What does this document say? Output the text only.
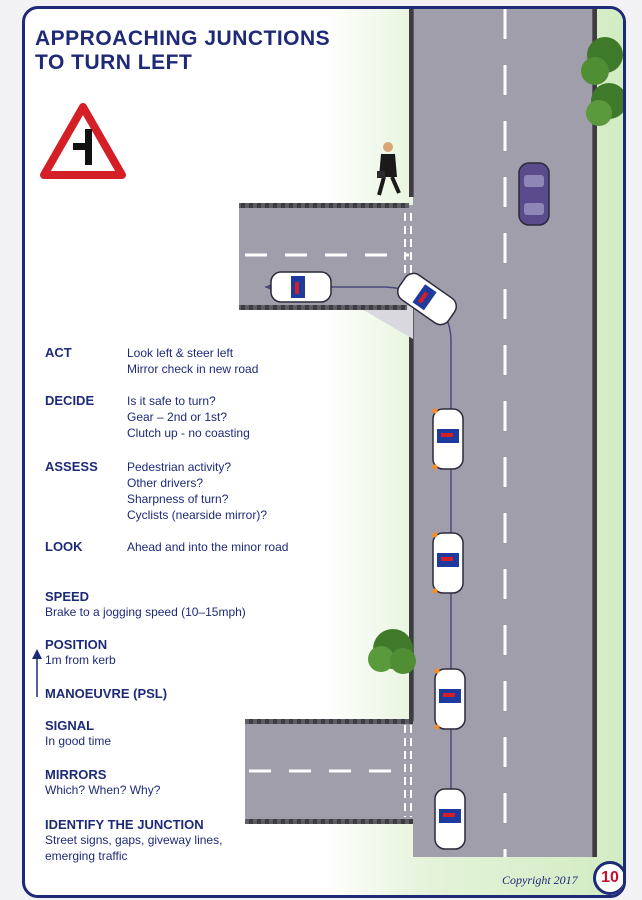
APPROACHING JUNCTIONS
TO TURN LEFT
ACT	Look left & steer left
Mirror check in new road
DECIDE	Is it safe to turn?
Gear – 2nd or 1st?
Clutch up - no coasting
ASSESS Pedestrian activity?
Other drivers?
Sharpness of turn?
Cyclists (nearside mirror)?
LOOK	Ahead and into the minor road
SPEED
Brake to a jogging speed (10–15mph)
POSITION
1m from kerb
MANOEUVRE (PSL)
SIGNAL
In good time
MIRRORS
Which? When? Why?
IDENTIFY THE JUNCTION
Street signs, gaps, giveway lines,
emerging traffic
Copyright 2017	10
